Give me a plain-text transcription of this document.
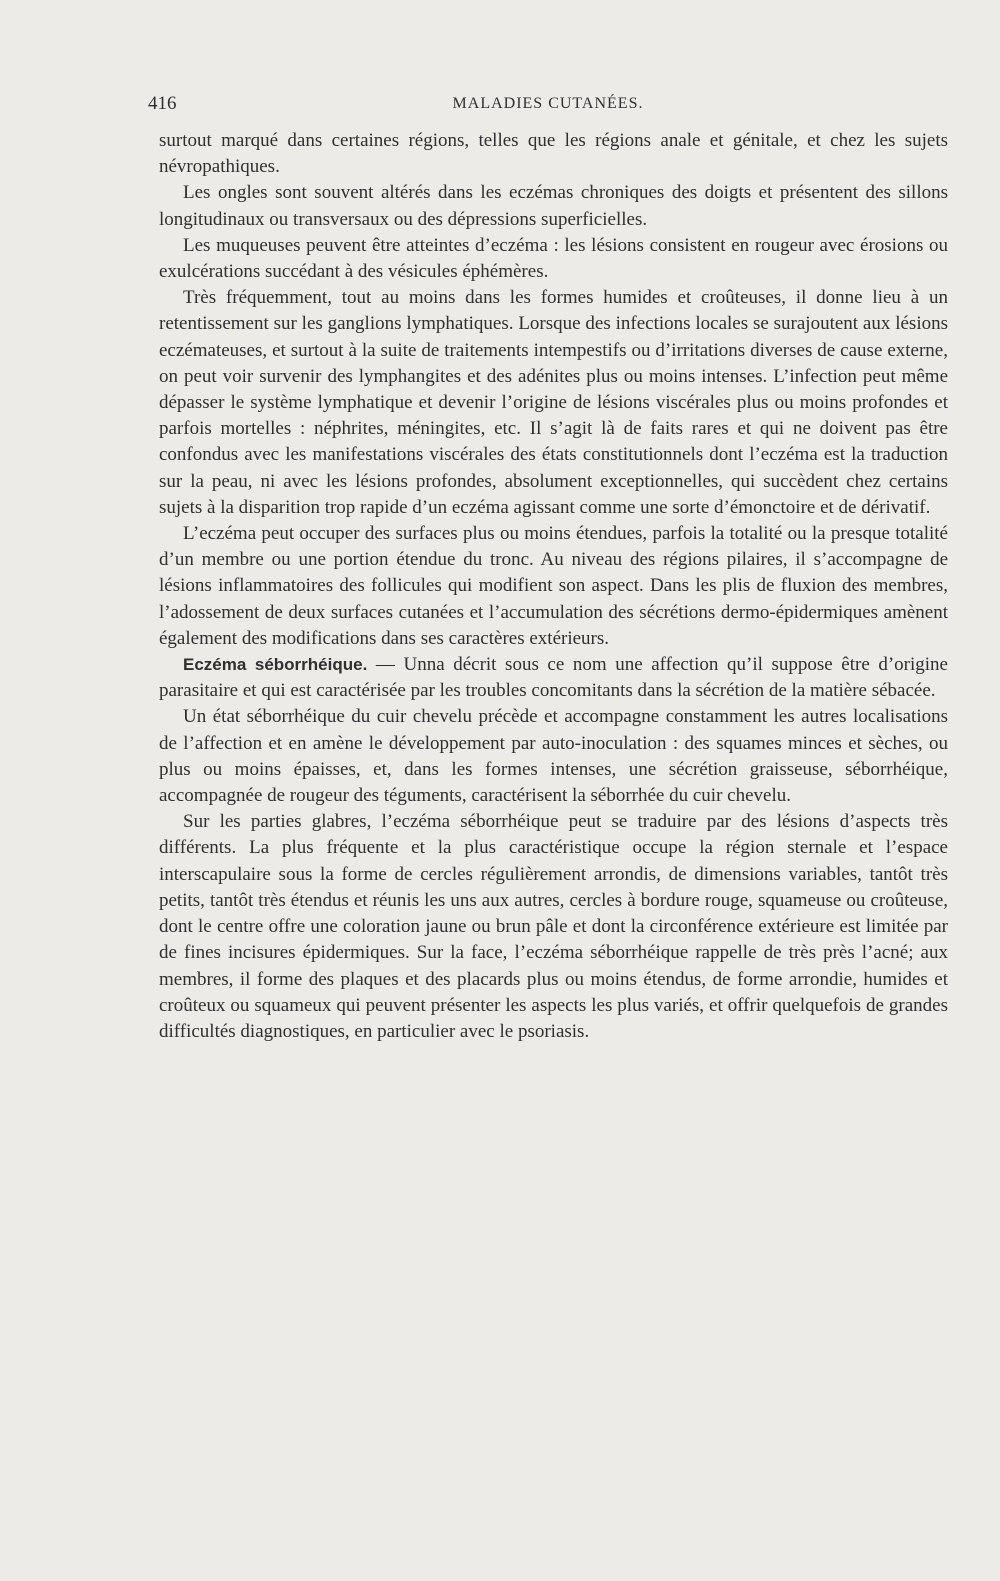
416	MALADIES CUTANÉES.

surtout marqué dans certaines régions, telles que les régions anale et génitale, et chez les sujets névropathiques.

Les ongles sont souvent altérés dans les eczémas chroniques des doigts et présentent des sillons longitudinaux ou transversaux ou des dépressions superficielles.

Les muqueuses peuvent être atteintes d’eczéma : les lésions consistent en rougeur avec érosions ou exulcérations succédant à des vésicules éphémères.

Très fréquemment, tout au moins dans les formes humides et croûteuses, il donne lieu à un retentissement sur les ganglions lymphatiques. Lorsque des infections locales se surajoutent aux lésions eczémateuses, et surtout à la suite de traitements intempestifs ou d’irritations diverses de cause externe, on peut voir survenir des lymphangites et des adénites plus ou moins intenses. L’infection peut même dépasser le système lymphatique et devenir l’origine de lésions viscérales plus ou moins profondes et parfois mortelles : néphrites, méningites, etc. Il s’agit là de faits rares et qui ne doivent pas être confondus avec les manifestations viscérales des états constitutionnels dont l’eczéma est la traduction sur la peau, ni avec les lésions profondes, absolument exceptionnelles, qui succèdent chez certains sujets à la disparition trop rapide d’un eczéma agissant comme une sorte d’émonctoire et de dérivatif.

L’eczéma peut occuper des surfaces plus ou moins étendues, parfois la totalité ou la presque totalité d’un membre ou une portion étendue du tronc. Au niveau des régions pilaires, il s’accompagne de lésions inflammatoires des follicules qui modifient son aspect. Dans les plis de fluxion des membres, l’adossement de deux surfaces cutanées et l’accumulation des sécrétions dermo-épidermiques amènent également des modifications dans ses caractères extérieurs.

Eczéma séborrhéique. — Unna décrit sous ce nom une affection qu’il suppose être d’origine parasitaire et qui est caractérisée par les troubles concomitants dans la sécrétion de la matière sébacée.

Un état séborrhéique du cuir chevelu précède et accompagne constamment les autres localisations de l’affection et en amène le développement par auto-inoculation : des squames minces et sèches, ou plus ou moins épaisses, et, dans les formes intenses, une sécrétion graisseuse, séborrhéique, accompagnée de rougeur des téguments, caractérisent la séborrhée du cuir chevelu.

Sur les parties glabres, l’eczéma séborrhéique peut se traduire par des lésions d’aspects très différents. La plus fréquente et la plus caractéristique occupe la région sternale et l’espace interscapulaire sous la forme de cercles régulièrement arrondis, de dimensions variables, tantôt très petits, tantôt très étendus et réunis les uns aux autres, cercles à bordure rouge, squameuse ou croûteuse, dont le centre offre une coloration jaune ou brun pâle et dont la circonférence extérieure est limitée par de fines incisures épidermiques. Sur la face, l’eczéma séborrhéique rappelle de très près l’acné; aux membres, il forme des plaques et des placards plus ou moins étendus, de forme arrondie, humides et croûteux ou squameux qui peuvent présenter les aspects les plus variés, et offrir quelquefois de grandes difficultés diagnostiques, en particulier avec le psoriasis.
